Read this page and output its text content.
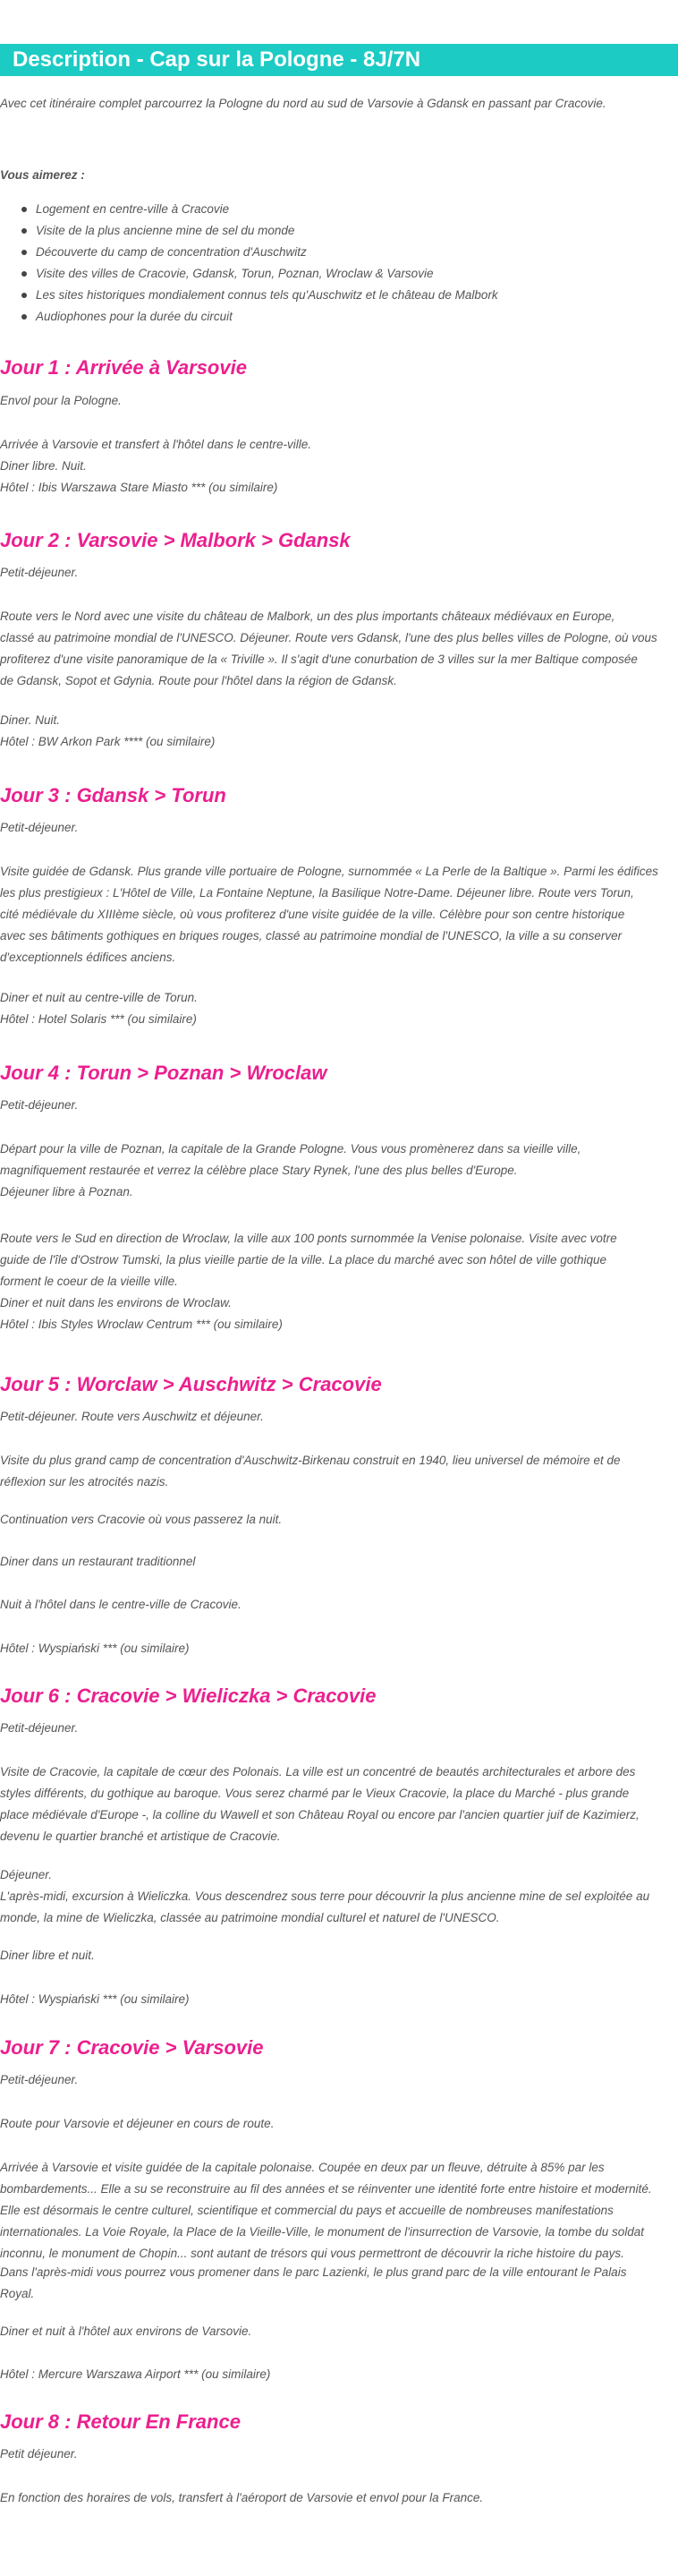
Description - Cap sur la Pologne - 8J/7N

Avec cet itinéraire complet parcourrez la Pologne du nord au sud de Varsovie à Gdansk en passant par Cracovie.

Vous aimerez :

Logement en centre-ville à Cracovie
Visite de la plus ancienne mine de sel du monde
Découverte du camp de concentration d'Auschwitz
Visite des villes de Cracovie, Gdansk, Torun, Poznan, Wroclaw & Varsovie
Les sites historiques mondialement connus tels qu'Auschwitz et le château de Malbork
Audiophones pour la durée du circuit
Jour 1 : Arrivée à Varsovie

Envol pour la Pologne.

Arrivée à Varsovie et transfert à l'hôtel dans le centre-ville.
Diner libre. Nuit.
Hôtel : Ibis Warszawa Stare Miasto *** (ou similaire)

Jour 2 : Varsovie > Malbork > Gdansk

Petit-déjeuner.

Route vers le Nord avec une visite du château de Malbork, un des plus importants châteaux médiévaux en Europe,
classé au patrimoine mondial de l'UNESCO. Déjeuner. Route vers Gdansk, l'une des plus belles villes de Pologne, où vous
profiterez d'une visite panoramique de la « Triville ». Il s'agit d'une conurbation de 3 villes sur la mer Baltique composée
de Gdansk, Sopot et Gdynia. Route pour l'hôtel dans la région de Gdansk.

Diner. Nuit.
Hôtel : BW Arkon Park **** (ou similaire)

Jour 3 : Gdansk > Torun

Petit-déjeuner.

Visite guidée de Gdansk. Plus grande ville portuaire de Pologne, surnommée « La Perle de la Baltique ». Parmi les édifices
les plus prestigieux : L'Hôtel de Ville, La Fontaine Neptune, la Basilique Notre-Dame. Déjeuner libre. Route vers Torun,
cité médiévale du XIIIème siècle, où vous profiterez d'une visite guidée de la ville. Célèbre pour son centre historique
avec ses bâtiments gothiques en briques rouges, classé au patrimoine mondial de l'UNESCO, la ville a su conserver
d'exceptionnels édifices anciens.

Diner et nuit au centre-ville de Torun.
Hôtel : Hotel Solaris *** (ou similaire)

Jour 4 : Torun > Poznan > Wroclaw

Petit-déjeuner.

Départ pour la ville de Poznan, la capitale de la Grande Pologne. Vous vous promènerez dans sa vieille ville,
magnifiquement restaurée et verrez la célèbre place Stary Rynek, l'une des plus belles d'Europe.
Déjeuner libre à Poznan.

Route vers le Sud en direction de Wroclaw, la ville aux 100 ponts surnommée la Venise polonaise. Visite avec votre
guide de l'île d'Ostrow Tumski, la plus vieille partie de la ville. La place du marché avec son hôtel de ville gothique
forment le coeur de la vieille ville.
Diner et nuit dans les environs de Wroclaw.
Hôtel : Ibis Styles Wroclaw Centrum *** (ou similaire)

Jour 5 : Worclaw > Auschwitz > Cracovie

Petit-déjeuner. Route vers Auschwitz et déjeuner.

Visite du plus grand camp de concentration d'Auschwitz-Birkenau construit en 1940, lieu universel de mémoire et de
réflexion sur les atrocités nazis.

Continuation vers Cracovie où vous passerez la nuit.

Diner dans un restaurant traditionnel

Nuit à l'hôtel dans le centre-ville de Cracovie.

Hôtel : Wyspiański *** (ou similaire)

Jour 6 : Cracovie > Wieliczka > Cracovie

Petit-déjeuner.

Visite de Cracovie, la capitale de cœur des Polonais. La ville est un concentré de beautés architecturales et arbore des
styles différents, du gothique au baroque. Vous serez charmé par le Vieux Cracovie, la place du Marché - plus grande
place médiévale d'Europe -, la colline du Wawell et son Château Royal ou encore par l'ancien quartier juif de Kazimierz,
devenu le quartier branché et artistique de Cracovie.

Déjeuner.
L'après-midi, excursion à Wieliczka. Vous descendrez sous terre pour découvrir la plus ancienne mine de sel exploitée au
monde, la mine de Wieliczka, classée au patrimoine mondial culturel et naturel de l'UNESCO.

Diner libre et nuit.

Hôtel : Wyspiański *** (ou similaire)

Jour 7 : Cracovie > Varsovie

Petit-déjeuner.

Route pour Varsovie et déjeuner en cours de route.

Arrivée à Varsovie et visite guidée de la capitale polonaise. Coupée en deux par un fleuve, détruite à 85% par les
bombardements... Elle a su se reconstruire au fil des années et se réinventer une identité forte entre histoire et modernité.
Elle est désormais le centre culturel, scientifique et commercial du pays et accueille de nombreuses manifestations
internationales. La Voie Royale, la Place de la Vieille-Ville, le monument de l'insurrection de Varsovie, la tombe du soldat
inconnu, le monument de Chopin... sont autant de trésors qui vous permettront de découvrir la riche histoire du pays.

Dans l'après-midi vous pourrez vous promener dans le parc Lazienki, le plus grand parc de la ville entourant le Palais
Royal.

Diner et nuit à l'hôtel aux environs de Varsovie.

Hôtel : Mercure Warszawa Airport *** (ou similaire)

Jour 8 : Retour En France

Petit déjeuner.

En fonction des horaires de vols, transfert à l'aéroport de Varsovie et envol pour la France.
